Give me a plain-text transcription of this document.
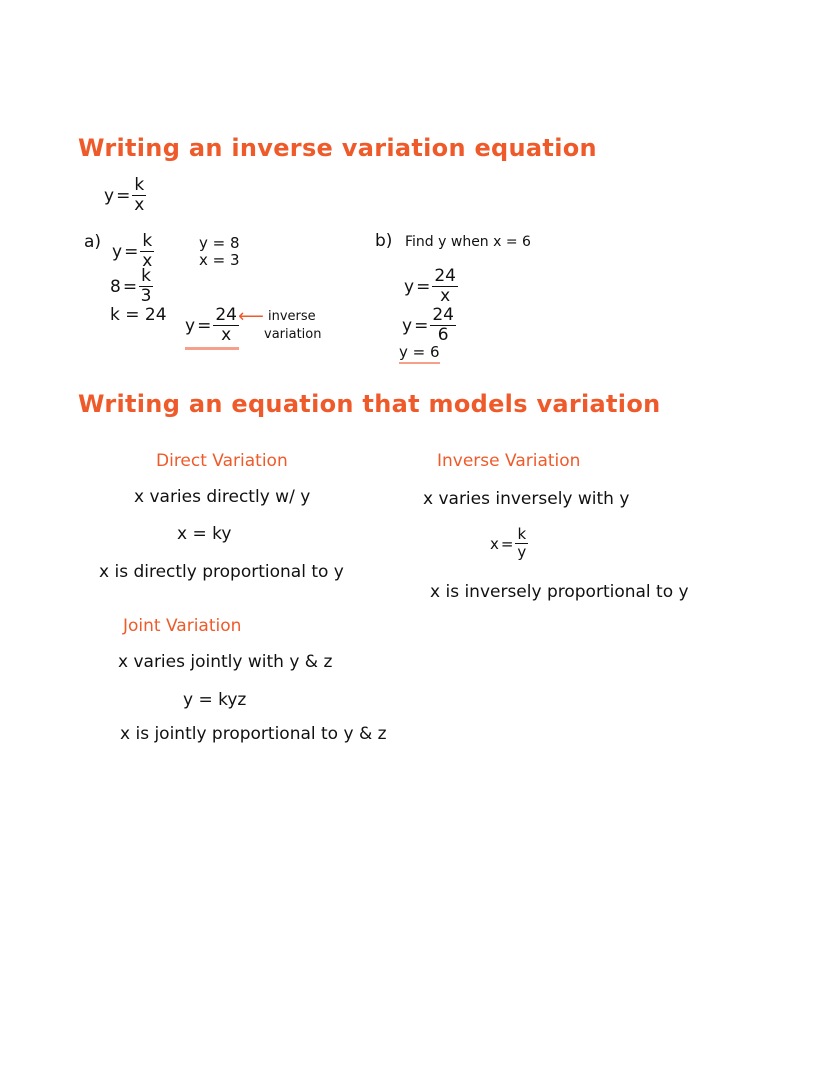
Writing an inverse variation equation
$y = \frac{k}{x}$
a) $y = \frac{k}{x}$	y = 8
x = 3
$8 = \frac{k}{3}$
k = 24
$y = \frac{24}{x}$ ⟵ inverse
variation
b) Find y when x = 6
$y = \frac{24}{x}$
$y = \frac{24}{6}$
y = 6
Writing an equation that models variation
Direct Variation
x varies directly w/ y
x = ky
x is directly proportional to y
Inverse Variation
x varies inversely with y
$x = \frac{k}{y}$
x is inversely proportional to y
Joint Variation
x varies jointly with y & z
y = kyz
x is jointly proportional to y & z
